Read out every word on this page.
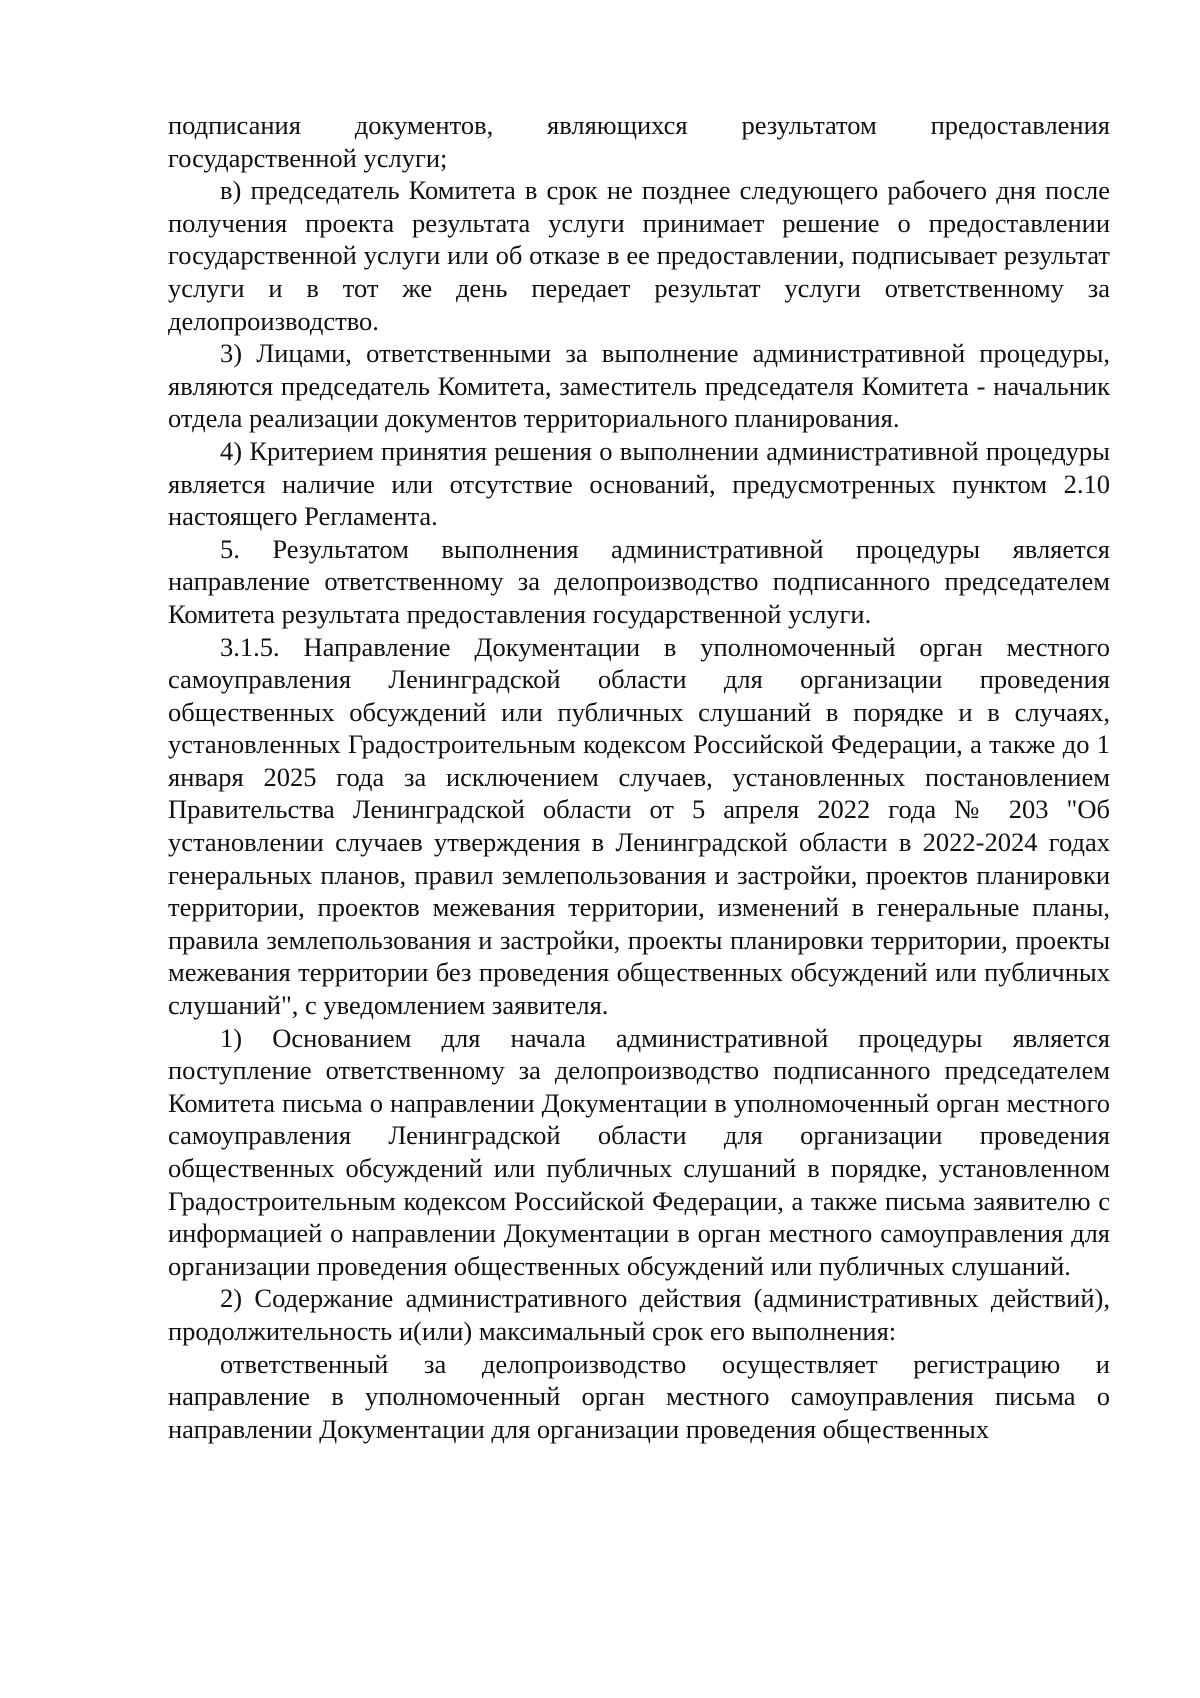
подписания документов, являющихся результатом предоставления государственной услуги;

в) председатель Комитета в срок не позднее следующего рабочего дня после получения проекта результата услуги принимает решение о предоставлении государственной услуги или об отказе в ее предоставлении, подписывает результат услуги и в тот же день передает результат услуги ответственному за делопроизводство.

3) Лицами, ответственными за выполнение административной процедуры, являются председатель Комитета, заместитель председателя Комитета - начальник отдела реализации документов территориального планирования.

4) Критерием принятия решения о выполнении административной процедуры является наличие или отсутствие оснований, предусмотренных пунктом 2.10 настоящего Регламента.

5. Результатом выполнения административной процедуры является направление ответственному за делопроизводство подписанного председателем Комитета результата предоставления государственной услуги.

3.1.5. Направление Документации в уполномоченный орган местного самоуправления Ленинградской области для организации проведения общественных обсуждений или публичных слушаний в порядке и в случаях, установленных Градостроительным кодексом Российской Федерации, а также до 1 января 2025 года за исключением случаев, установленных постановлением Правительства Ленинградской области от 5 апреля 2022 года № 203 "Об установлении случаев утверждения в Ленинградской области в 2022-2024 годах генеральных планов, правил землепользования и застройки, проектов планировки территории, проектов межевания территории, изменений в генеральные планы, правила землепользования и застройки, проекты планировки территории, проекты межевания территории без проведения общественных обсуждений или публичных слушаний", с уведомлением заявителя.

1) Основанием для начала административной процедуры является поступление ответственному за делопроизводство подписанного председателем Комитета письма о направлении Документации в уполномоченный орган местного самоуправления Ленинградской области для организации проведения общественных обсуждений или публичных слушаний в порядке, установленном Градостроительным кодексом Российской Федерации, а также письма заявителю с информацией о направлении Документации в орган местного самоуправления для организации проведения общественных обсуждений или публичных слушаний.

2) Содержание административного действия (административных действий), продолжительность и(или) максимальный срок его выполнения:

ответственный за делопроизводство осуществляет регистрацию и направление в уполномоченный орган местного самоуправления письма о направлении Документации для организации проведения общественных
